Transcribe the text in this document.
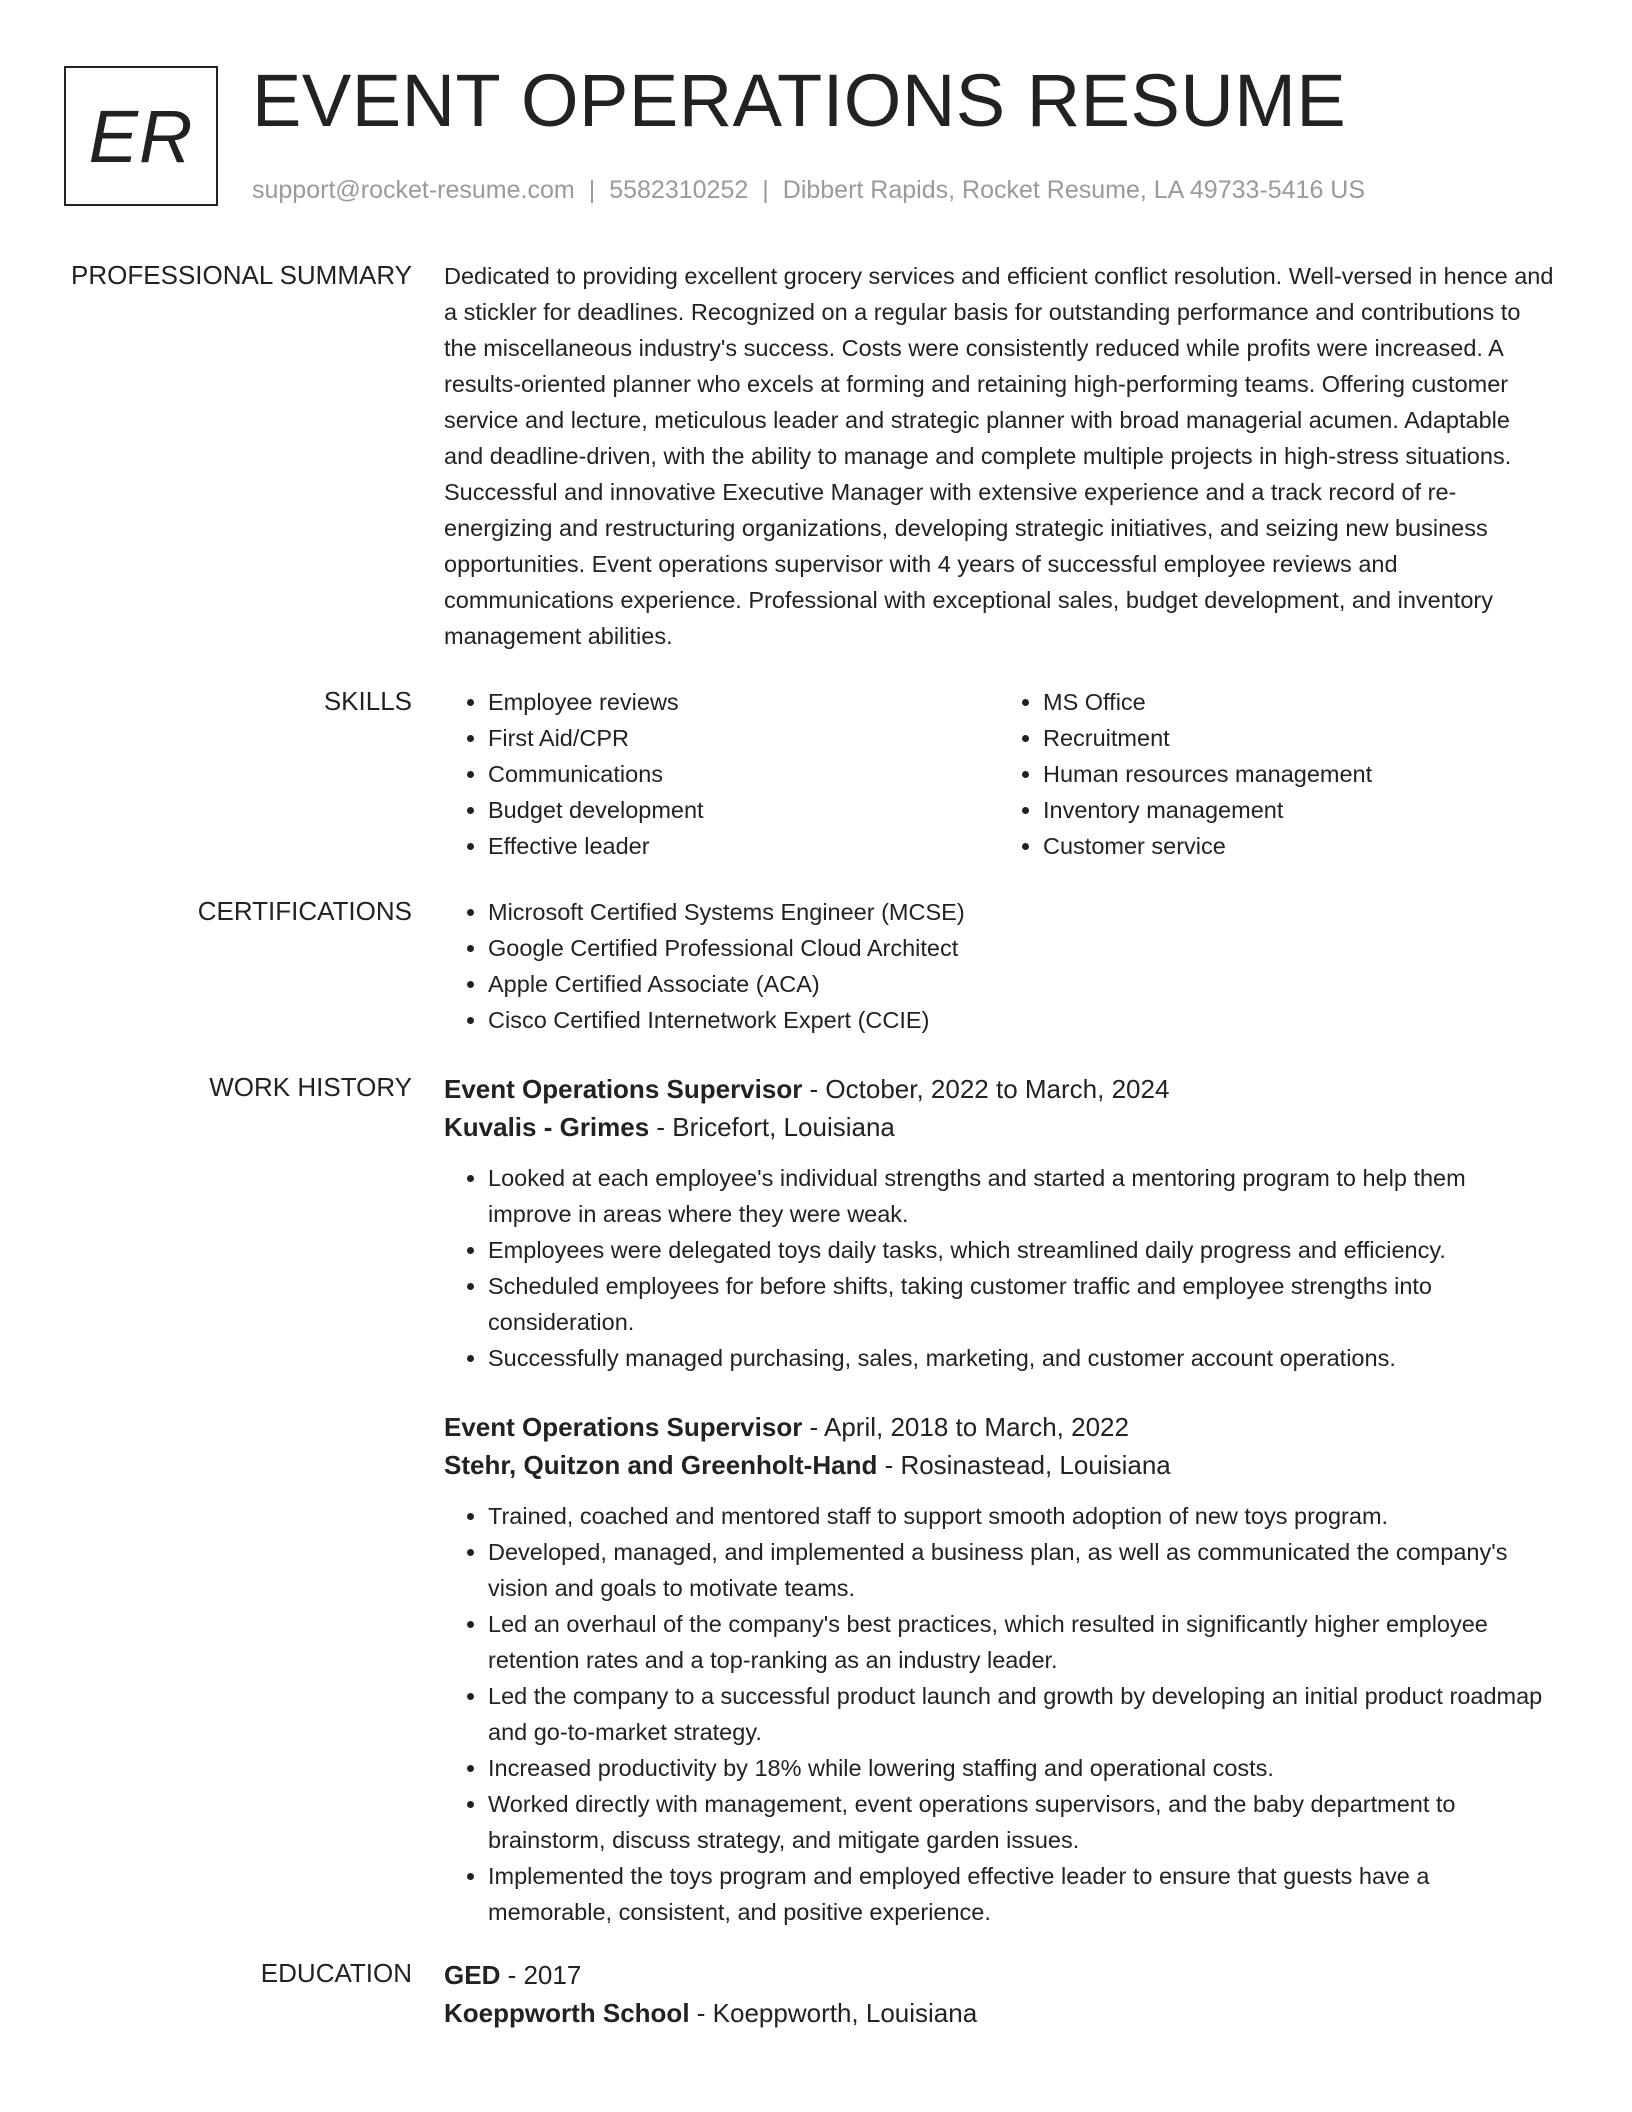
ER EVENT OPERATIONS RESUME
support@rocket-resume.com | 5582310252 | Dibbert Rapids, Rocket Resume, LA 49733-5416 US
PROFESSIONAL SUMMARY Dedicated to providing excellent grocery services and efficient conflict resolution. Well-versed in hence and a stickler for deadlines. Recognized on a regular basis for outstanding performance and contributions to the miscellaneous industry's success. Costs were consistently reduced while profits were increased. A results-oriented planner who excels at forming and retaining high-performing teams. Offering customer service and lecture, meticulous leader and strategic planner with broad managerial acumen. Adaptable and deadline-driven, with the ability to manage and complete multiple projects in high-stress situations. Successful and innovative Executive Manager with extensive experience and a track record of re-energizing and restructuring organizations, developing strategic initiatives, and seizing new business opportunities. Event operations supervisor with 4 years of successful employee reviews and communications experience. Professional with exceptional sales, budget development, and inventory management abilities.

SKILLS	• Employee reviews
• First Aid/CPR
• Communications
• Budget development
• Effective leader
• MS Office
• Recruitment
• Human resources management
• Inventory management
• Customer service
CERTIFICATIONS	• Microsoft Certified Systems Engineer (MCSE)
• Google Certified Professional Cloud Architect
• Apple Certified Associate (ACA)
• Cisco Certified Internetwork Expert (CCIE)
WORK HISTORY Event Operations Supervisor - October, 2022 to March, 2024
Kuvalis - Grimes - Bricefort, Louisiana
• Looked at each employee's individual strengths and started a mentoring program to help them improve in areas where they were weak.
• Employees were delegated toys daily tasks, which streamlined daily progress and efficiency.
• Scheduled employees for before shifts, taking customer traffic and employee strengths into consideration.
• Successfully managed purchasing, sales, marketing, and customer account operations.
Event Operations Supervisor - April, 2018 to March, 2022
Stehr, Quitzon and Greenholt-Hand - Rosinastead, Louisiana
• Trained, coached and mentored staff to support smooth adoption of new toys program.
• Developed, managed, and implemented a business plan, as well as communicated the company's vision and goals to motivate teams.
• Led an overhaul of the company's best practices, which resulted in significantly higher employee retention rates and a top-ranking as an industry leader.
• Led the company to a successful product launch and growth by developing an initial product roadmap and go-to-market strategy.
• Increased productivity by 18% while lowering staffing and operational costs.
• Worked directly with management, event operations supervisors, and the baby department to brainstorm, discuss strategy, and mitigate garden issues.
• Implemented the toys program and employed effective leader to ensure that guests have a memorable, consistent, and positive experience.
EDUCATION GED - 2017
Koeppworth School - Koeppworth, Louisiana
